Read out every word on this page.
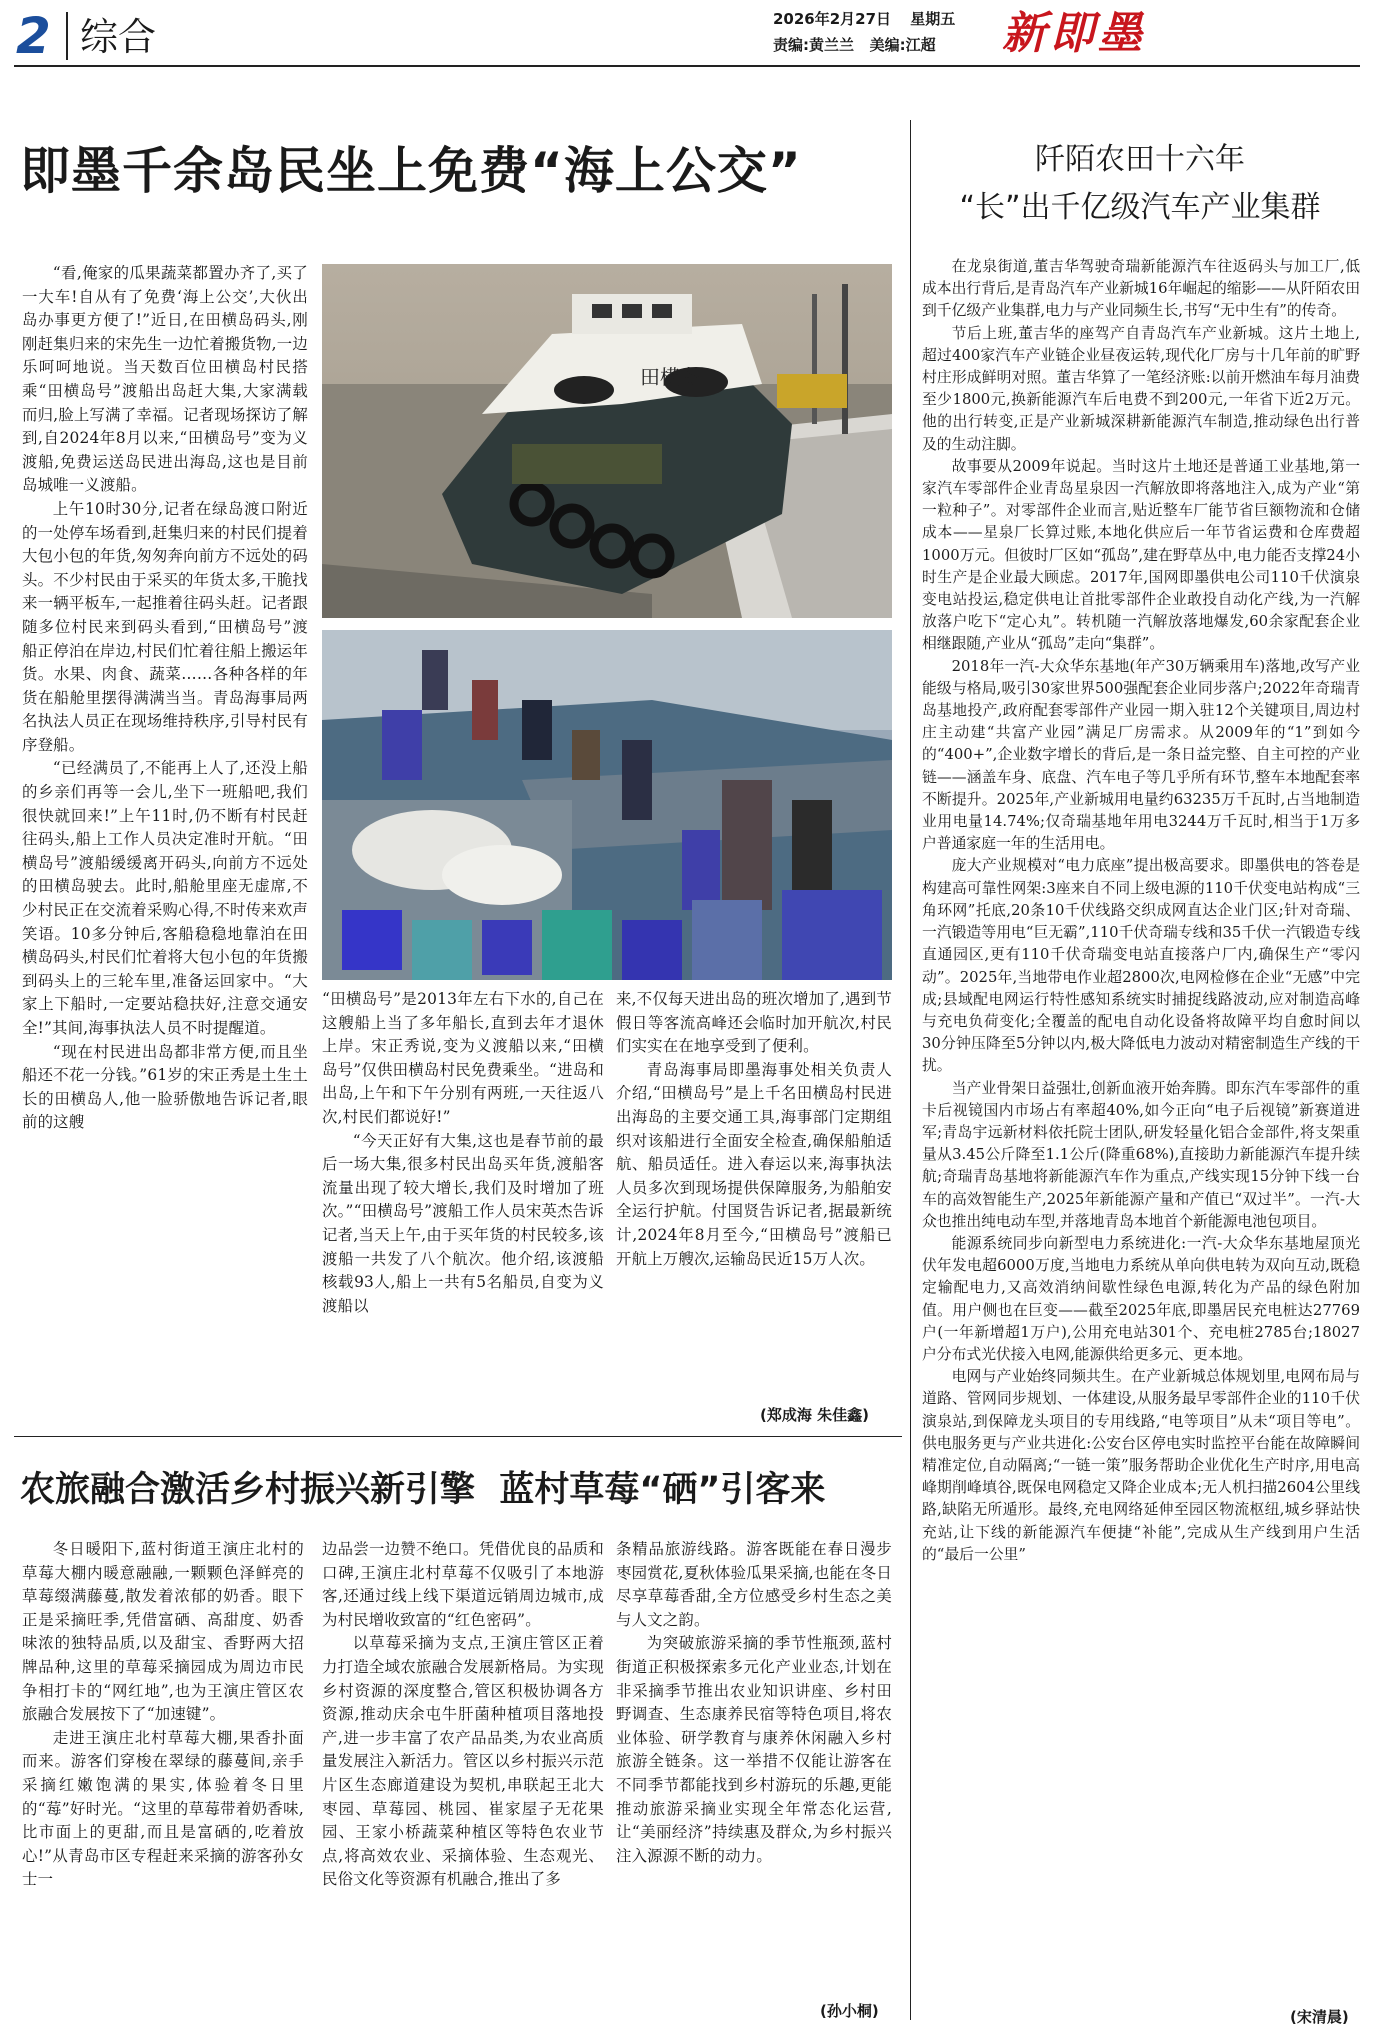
2 综合	2026年2月27日 星期五
责编:黄兰兰   美编:江超 新即墨
即墨千余岛民坐上免费“海上公交”

“看,俺家的瓜果蔬菜都置办齐了,买了一大车!自从有了免费‘海上公交’,大伙出岛办事更方便了!”近日,在田横岛码头,刚刚赶集归来的宋先生一边忙着搬货物,一边乐呵呵地说。当天数百位田横岛村民搭乘“田横岛号”渡船出岛赶大集,大家满载而归,脸上写满了幸福。记者现场探访了解到,自2024年8月以来,“田横岛号”变为义渡船,免费运送岛民进出海岛,这也是目前岛城唯一义渡船。

上午10时30分,记者在绿岛渡口附近的一处停车场看到,赶集归来的村民们提着大包小包的年货,匆匆奔向前方不远处的码头。不少村民由于采买的年货太多,干脆找来一辆平板车,一起推着往码头赶。记者跟随多位村民来到码头看到,“田横岛号”渡船正停泊在岸边,村民们忙着往船上搬运年货。水果、肉食、蔬菜……各种各样的年货在船舱里摆得满满当当。青岛海事局两名执法人员正在现场维持秩序,引导村民有序登船。

“已经满员了,不能再上人了,还没上船的乡亲们再等一会儿,坐下一班船吧,我们很快就回来!”上午11时,仍不断有村民赶往码头,船上工作人员决定准时开航。“田横岛号”渡船缓缓离开码头,向前方不远处的田横岛驶去。此时,船舱里座无虚席,不少村民正在交流着采购心得,不时传来欢声笑语。10多分钟后,客船稳稳地靠泊在田横岛码头,村民们忙着将大包小包的年货搬到码头上的三轮车里,准备运回家中。“大家上下船时,一定要站稳扶好,注意交通安全!”其间,海事执法人员不时提醒道。

“现在村民进出岛都非常方便,而且坐船还不花一分钱。”61岁的宋正秀是土生土长的田横岛人,他一脸骄傲地告诉记者,眼前的这艘

田横岛

“田横岛号”是2013年左右下水的,自己在这艘船上当了多年船长,直到去年才退休上岸。宋正秀说,变为义渡船以来,“田横岛号”仅供田横岛村民免费乘坐。“进岛和出岛,上午和下午分别有两班,一天往返八次,村民们都说好!”

“今天正好有大集,这也是春节前的最后一场大集,很多村民出岛买年货,渡船客流量出现了较大增长,我们及时增加了班次。”“田横岛号”渡船工作人员宋英杰告诉记者,当天上午,由于买年货的村民较多,该渡船一共发了八个航次。他介绍,该渡船核载93人,船上一共有5名船员,自变为义渡船以

来,不仅每天进出岛的班次增加了,遇到节假日等客流高峰还会临时加开航次,村民们实实在在地享受到了便利。

青岛海事局即墨海事处相关负责人介绍,“田横岛号”是上千名田横岛村民进出海岛的主要交通工具,海事部门定期组织对该船进行全面安全检查,确保船舶适航、船员适任。进入春运以来,海事执法人员多次到现场提供保障服务,为船舶安全运行护航。付国贤告诉记者,据最新统计,2024年8月至今,“田横岛号”渡船已开航上万艘次,运输岛民近15万人次。

(郑成海 朱佳鑫)
农旅融合激活乡村振兴新引擎  蓝村草莓“硒”引客来

冬日暖阳下,蓝村街道王演庄北村的草莓大棚内暖意融融,一颗颗色泽鲜亮的草莓缀满藤蔓,散发着浓郁的奶香。眼下正是采摘旺季,凭借富硒、高甜度、奶香味浓的独特品质,以及甜宝、香野两大招牌品种,这里的草莓采摘园成为周边市民争相打卡的“网红地”,也为王演庄管区农旅融合发展按下了“加速键”。

走进王演庄北村草莓大棚,果香扑面而来。游客们穿梭在翠绿的藤蔓间,亲手采摘红嫩饱满的果实,体验着冬日里的“莓”好时光。“这里的草莓带着奶香味,比市面上的更甜,而且是富硒的,吃着放心!”从青岛市区专程赶来采摘的游客孙女士一

边品尝一边赞不绝口。凭借优良的品质和口碑,王演庄北村草莓不仅吸引了本地游客,还通过线上线下渠道远销周边城市,成为村民增收致富的“红色密码”。

以草莓采摘为支点,王演庄管区正着力打造全域农旅融合发展新格局。为实现乡村资源的深度整合,管区积极协调各方资源,推动庆余屯牛肝菌种植项目落地投产,进一步丰富了农产品品类,为农业高质量发展注入新活力。管区以乡村振兴示范片区生态廊道建设为契机,串联起王北大枣园、草莓园、桃园、崔家屋子无花果园、王家小桥蔬菜种植区等特色农业节点,将高效农业、采摘体验、生态观光、民俗文化等资源有机融合,推出了多

条精品旅游线路。游客既能在春日漫步枣园赏花,夏秋体验瓜果采摘,也能在冬日尽享草莓香甜,全方位感受乡村生态之美与人文之韵。

为突破旅游采摘的季节性瓶颈,蓝村街道正积极探索多元化产业业态,计划在非采摘季节推出农业知识讲座、乡村田野调查、生态康养民宿等特色项目,将农业体验、研学教育与康养休闲融入乡村旅游全链条。这一举措不仅能让游客在不同季节都能找到乡村游玩的乐趣,更能推动旅游采摘业实现全年常态化运营,让“美丽经济”持续惠及群众,为乡村振兴注入源源不断的动力。

(孙小桐)
阡陌农田十六年
“长”出千亿级汽车产业集群

在龙泉街道,董吉华驾驶奇瑞新能源汽车往返码头与加工厂,低成本出行背后,是青岛汽车产业新城16年崛起的缩影——从阡陌农田到千亿级产业集群,电力与产业同频生长,书写“无中生有”的传奇。

节后上班,董吉华的座驾产自青岛汽车产业新城。这片土地上,超过400家汽车产业链企业昼夜运转,现代化厂房与十几年前的旷野村庄形成鲜明对照。董吉华算了一笔经济账:以前开燃油车每月油费至少1800元,换新能源汽车后电费不到200元,一年省下近2万元。他的出行转变,正是产业新城深耕新能源汽车制造,推动绿色出行普及的生动注脚。

故事要从2009年说起。当时这片土地还是普通工业基地,第一家汽车零部件企业青岛星泉因一汽解放即将落地注入,成为产业“第一粒种子”。对零部件企业而言,贴近整车厂能节省巨额物流和仓储成本——星泉厂长算过账,本地化供应后一年节省运费和仓库费超1000万元。但彼时厂区如“孤岛”,建在野草丛中,电力能否支撑24小时生产是企业最大顾虑。2017年,国网即墨供电公司110千伏演泉变电站投运,稳定供电让首批零部件企业敢投自动化产线,为一汽解放落户吃下“定心丸”。转机随一汽解放落地爆发,60余家配套企业相继跟随,产业从“孤岛”走向“集群”。

2018年一汽-大众华东基地(年产30万辆乘用车)落地,改写产业能级与格局,吸引30家世界500强配套企业同步落户;2022年奇瑞青岛基地投产,政府配套零部件产业园一期入驻12个关键项目,周边村庄主动建“共富产业园”满足厂房需求。从2009年的“1”到如今的“400+”,企业数字增长的背后,是一条日益完整、自主可控的产业链——涵盖车身、底盘、汽车电子等几乎所有环节,整车本地配套率不断提升。2025年,产业新城用电量约63235万千瓦时,占当地制造业用电量14.74%;仅奇瑞基地年用电3244万千瓦时,相当于1万多户普通家庭一年的生活用电。

庞大产业规模对“电力底座”提出极高要求。即墨供电的答卷是构建高可靠性网架:3座来自不同上级电源的110千伏变电站构成“三角环网”托底,20条10千伏线路交织成网直达企业门区;针对奇瑞、一汽锻造等用电“巨无霸”,110千伏奇瑞专线和35千伏一汽锻造专线直通园区,更有110千伏奇瑞变电站直接落户厂内,确保生产“零闪动”。2025年,当地带电作业超2800次,电网检修在企业“无感”中完成;县域配电网运行特性感知系统实时捕捉线路波动,应对制造高峰与充电负荷变化;全覆盖的配电自动化设备将故障平均自愈时间以30分钟压降至5分钟以内,极大降低电力波动对精密制造生产线的干扰。

当产业骨架日益强壮,创新血液开始奔腾。即东汽车零部件的重卡后视镜国内市场占有率超40%,如今正向“电子后视镜”新赛道进军;青岛宇远新材料依托院士团队,研发轻量化铝合金部件,将支架重量从3.45公斤降至1.1公斤(降重68%),直接助力新能源汽车提升续航;奇瑞青岛基地将新能源汽车作为重点,产线实现15分钟下线一台车的高效智能生产,2025年新能源产量和产值已“双过半”。一汽-大众也推出纯电动车型,并落地青岛本地首个新能源电池包项目。

能源系统同步向新型电力系统进化:一汽-大众华东基地屋顶光伏年发电超6000万度,当地电力系统从单向供电转为双向互动,既稳定输配电力,又高效消纳间歇性绿色电源,转化为产品的绿色附加值。用户侧也在巨变——截至2025年底,即墨居民充电桩达27769户(一年新增超1万户),公用充电站301个、充电桩2785台;18027户分布式光伏接入电网,能源供给更多元、更本地。

电网与产业始终同频共生。在产业新城总体规划里,电网布局与道路、管网同步规划、一体建设,从服务最早零部件企业的110千伏演泉站,到保障龙头项目的专用线路,“电等项目”从未“项目等电”。供电服务更与产业共进化:公安台区停电实时监控平台能在故障瞬间精准定位,自动隔离;“一链一策”服务帮助企业优化生产时序,用电高峰期削峰填谷,既保电网稳定又降企业成本;无人机扫描2604公里线路,缺陷无所遁形。最终,充电网络延伸至园区物流枢纽,城乡驿站快充站,让下线的新能源汽车便捷“补能”,完成从生产线到用户生活的“最后一公里”

(宋清晨)
